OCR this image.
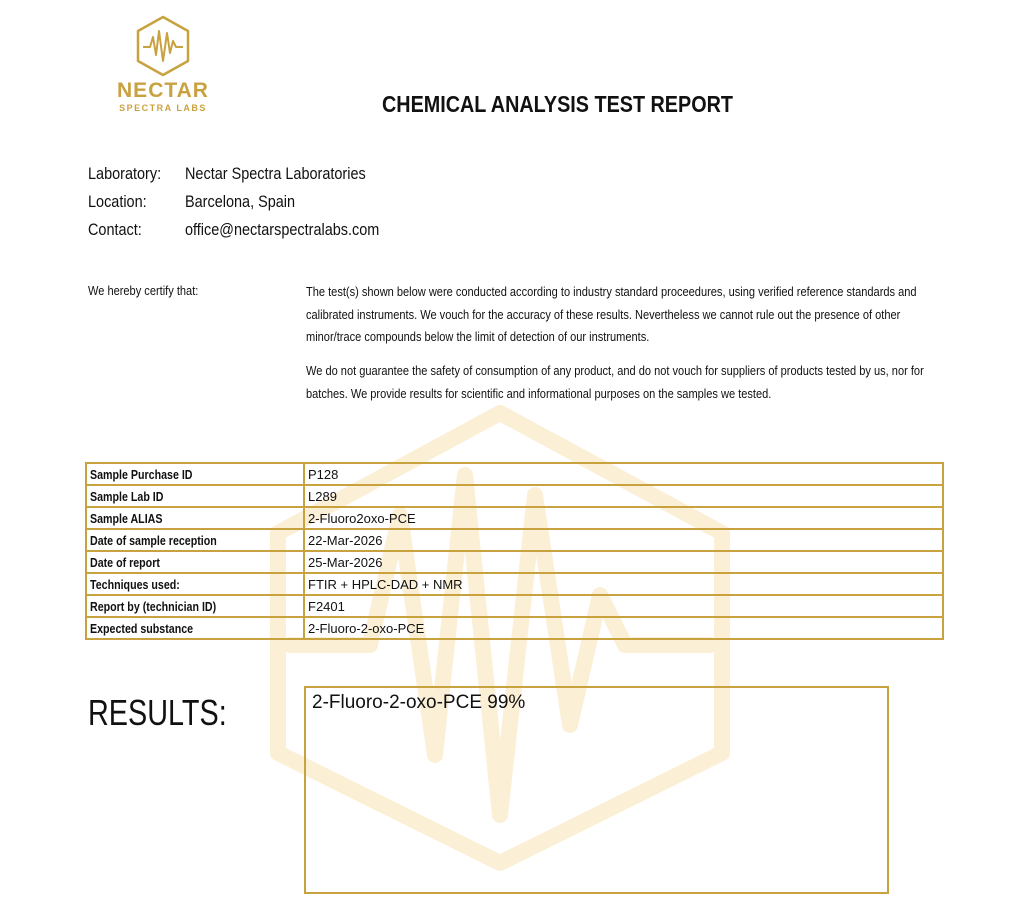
NECTAR
SPECTRA LABS	CHEMICAL ANALYSIS TEST REPORT
Laboratory: Nectar Spectra Laboratories
Location: Barcelona, Spain
Contact:	office@nectarspectralabs.com
We hereby certify that:	The test(s) shown below were conducted according to industry standard proceedures, using verified reference standards and calibrated instruments. We vouch for the accuracy of these results. Nevertheless we cannot rule out the presence of other minor/trace compounds below the limit of detection of our instruments.
We do not guarantee the safety of consumption of any product, and do not vouch for suppliers of products tested by us, nor for batches. We provide results for scientific and informational purposes on the samples we tested.
Sample Purchase ID	P128
Sample Lab ID	L289
Sample ALIAS	2-Fluoro2oxo-PCE
Date of sample reception	22-Mar-2026
Date of report	25-Mar-2026
Techniques used:	FTIR + HPLC-DAD + NMR
Report by (technician ID)	F2401
Expected substance	2-Fluoro-2-oxo-PCE
RESULTS:	2-Fluoro-2-oxo-PCE 99%
